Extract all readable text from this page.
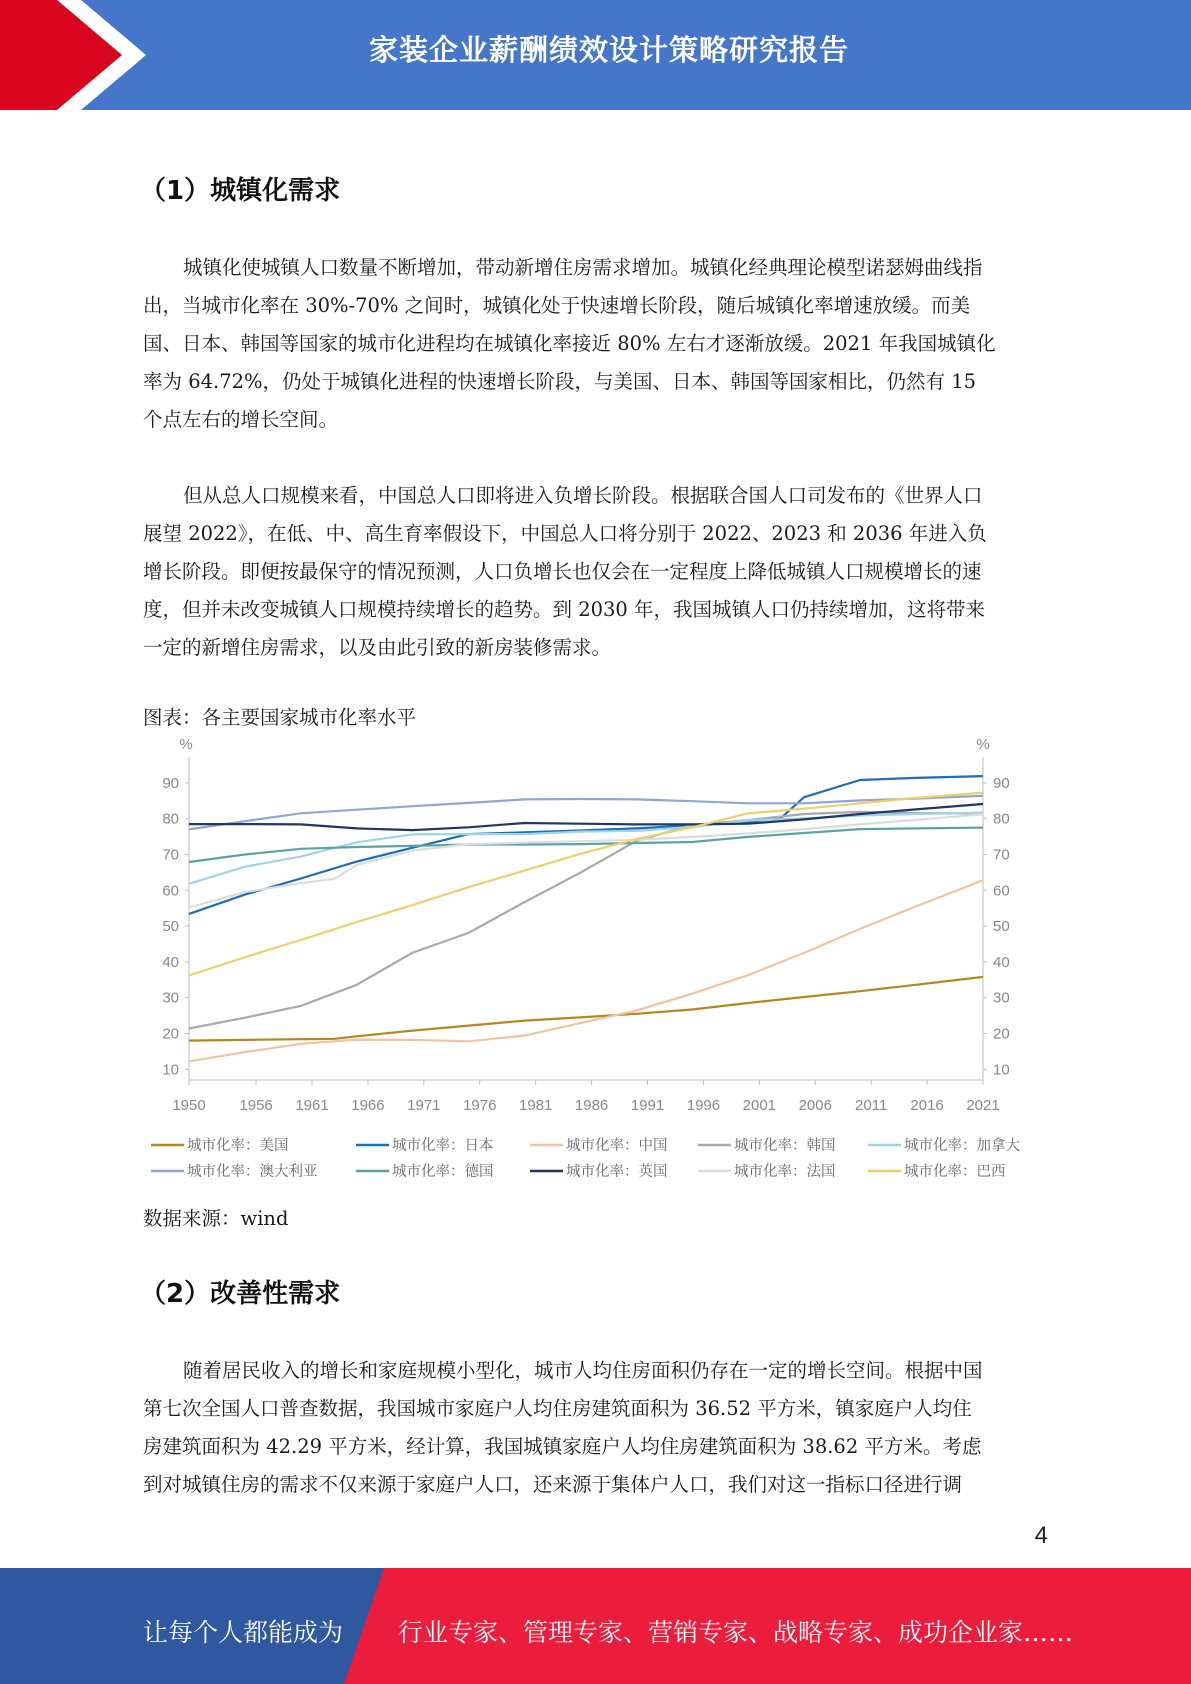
家装企业薪酬绩效设计策略研究报告
（1）城镇化需求
城镇化使城镇人口数量不断增加，带动新增住房需求增加。城镇化经典理论模型诺瑟姆曲线指
出，当城市化率在 30%-70% 之间时，城镇化处于快速增长阶段，随后城镇化率增速放缓。而美
国、日本、韩国等国家的城市化进程均在城镇化率接近 80% 左右才逐渐放缓。2021 年我国城镇化
率为 64.72%，仍处于城镇化进程的快速增长阶段，与美国、日本、韩国等国家相比，仍然有 15
个点左右的增长空间。
但从总人口规模来看，中国总人口即将进入负增长阶段。根据联合国人口司发布的《世界人口
展望 2022》，在低、中、高生育率假设下，中国总人口将分别于 2022、2023 和 2036 年进入负
增长阶段。即便按最保守的情况预测，人口负增长也仅会在一定程度上降低城镇人口规模增长的速
度，但并未改变城镇人口规模持续增长的趋势。到 2030 年，我国城镇人口仍持续增加，这将带来
一定的新增住房需求，以及由此引致的新房装修需求。
图表：各主要国家城市化率水平
%	%
10	10
20	20
30	30
40	40
50	50
60	60
70	70
80	80
90	90
1950 1956 1961 1966 1971 1976 1981 1986 1991 1996 2001 2006 2011 2016 2021
城市化率：美国	城市化率：日本	城市化率：中国	城市化率：韩国	城市化率：加拿大
城市化率：澳大利亚	城市化率：德国	城市化率：英国	城市化率：法国	城市化率：巴西
数据来源：wind
（2）改善性需求
随着居民收入的增长和家庭规模小型化，城市人均住房面积仍存在一定的增长空间。根据中国
第七次全国人口普查数据，我国城市家庭户人均住房建筑面积为 36.52 平方米，镇家庭户人均住
房建筑面积为 42.29 平方米，经计算，我国城镇家庭户人均住房建筑面积为 38.62 平方米。考虑
到对城镇住房的需求不仅来源于家庭户人口，还来源于集体户人口，我们对这一指标口径进行调
4
让每个人都能成为 行业专家、管理专家、营销专家、战略专家、成功企业家……
